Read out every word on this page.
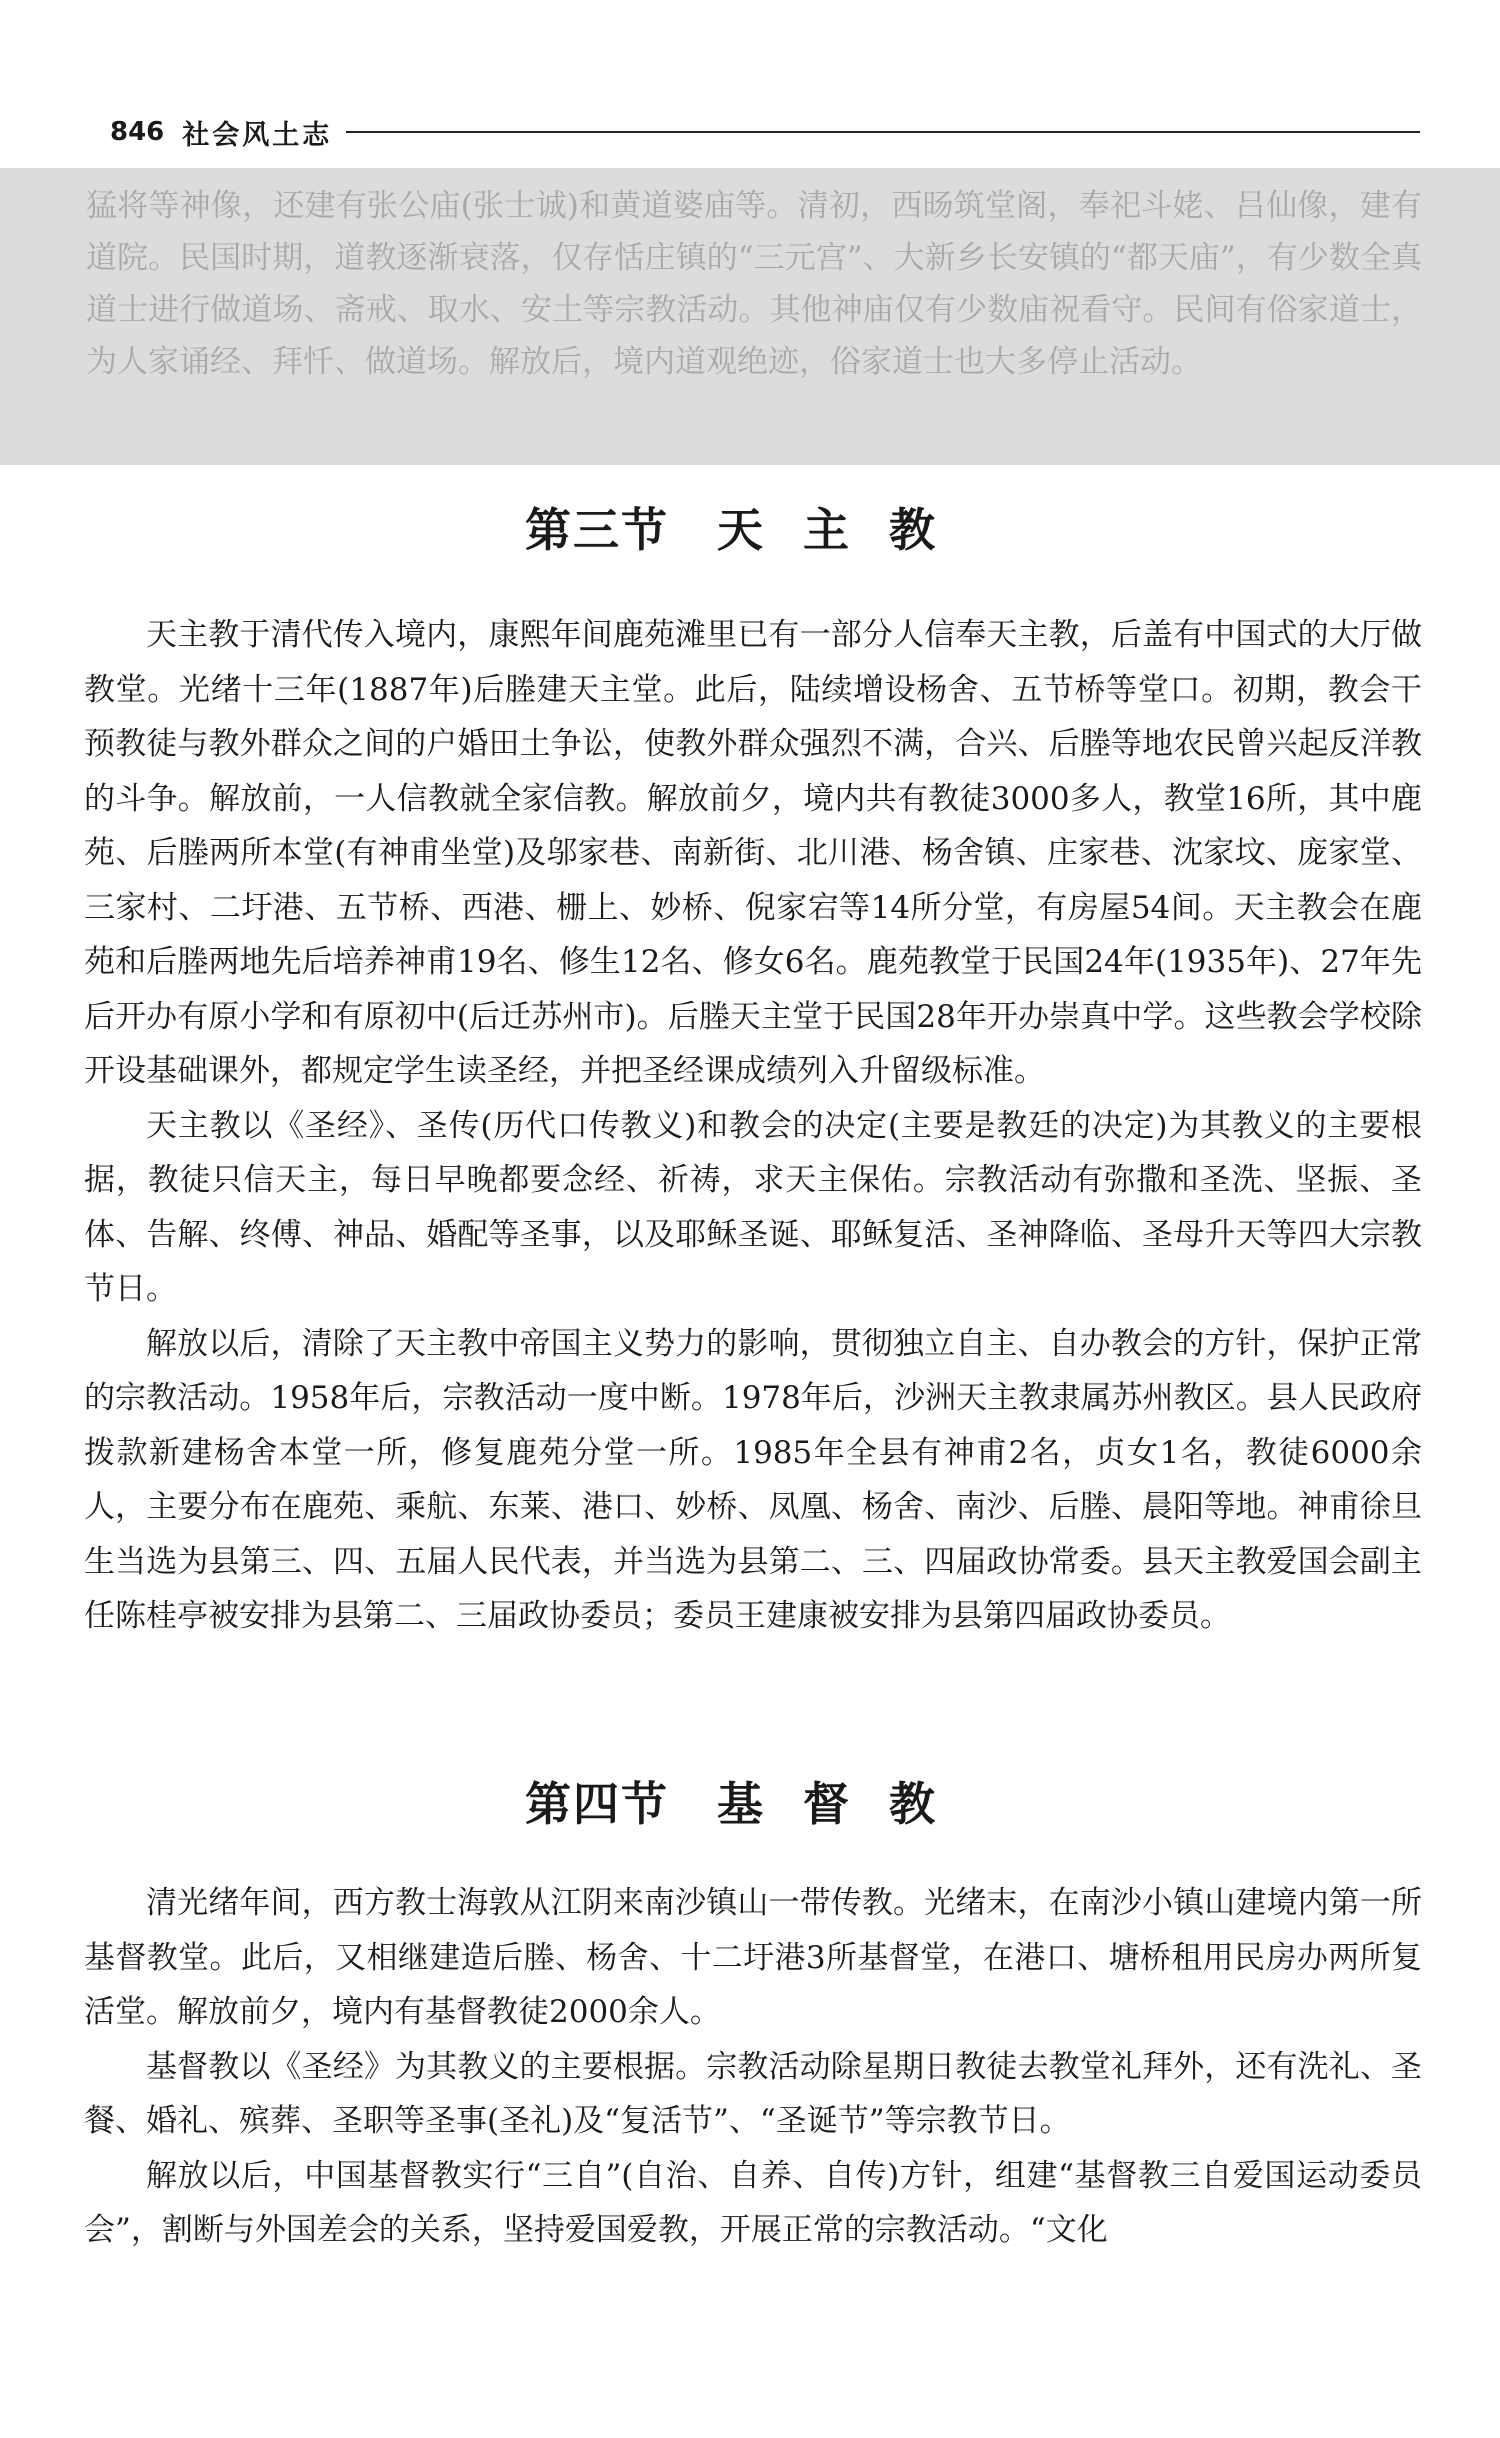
846 社会风土志

猛将等神像，还建有张公庙(张士诚)和黄道婆庙等。清初，西旸筑堂阁，奉祀斗姥、吕仙像，建有道院。民国时期，道教逐渐衰落，仅存恬庄镇的“三元宫”、大新乡长安镇的“都天庙”，有少数全真道士进行做道场、斋戒、取水、安土等宗教活动。其他神庙仅有少数庙祝看守。民间有俗家道士，为人家诵经、拜忏、做道场。解放后，境内道观绝迹，俗家道士也大多停止活动。

第三节 天主教

天主教于清代传入境内，康熙年间鹿苑滩里已有一部分人信奉天主教，后盖有中国式的大厅做教堂。光绪十三年(1887年)后塍建天主堂。此后，陆续增设杨舍、五节桥等堂口。初期，教会干预教徒与教外群众之间的户婚田土争讼，使教外群众强烈不满，合兴、后塍等地农民曾兴起反洋教的斗争。解放前，一人信教就全家信教。解放前夕，境内共有教徒3000多人，教堂16所，其中鹿苑、后塍两所本堂(有神甫坐堂)及邬家巷、南新街、北川港、杨舍镇、庄家巷、沈家坟、庞家堂、三家村、二圩港、五节桥、西港、栅上、妙桥、倪家宕等14所分堂，有房屋54间。天主教会在鹿苑和后塍两地先后培养神甫19名、修生12名、修女6名。鹿苑教堂于民国24年(1935年)、27年先后开办有原小学和有原初中(后迁苏州市)。后塍天主堂于民国28年开办崇真中学。这些教会学校除开设基础课外，都规定学生读圣经，并把圣经课成绩列入升留级标准。

天主教以《圣经》、圣传(历代口传教义)和教会的决定(主要是教廷的决定)为其教义的主要根据，教徒只信天主，每日早晚都要念经、祈祷，求天主保佑。宗教活动有弥撒和圣洗、坚振、圣体、告解、终傅、神品、婚配等圣事，以及耶稣圣诞、耶稣复活、圣神降临、圣母升天等四大宗教节日。

解放以后，清除了天主教中帝国主义势力的影响，贯彻独立自主、自办教会的方针，保护正常的宗教活动。1958年后，宗教活动一度中断。1978年后，沙洲天主教隶属苏州教区。县人民政府拨款新建杨舍本堂一所，修复鹿苑分堂一所。1985年全县有神甫2名，贞女1名，教徒6000余人，主要分布在鹿苑、乘航、东莱、港口、妙桥、凤凰、杨舍、南沙、后塍、晨阳等地。神甫徐旦生当选为县第三、四、五届人民代表，并当选为县第二、三、四届政协常委。县天主教爱国会副主任陈桂亭被安排为县第二、三届政协委员；委员王建康被安排为县第四届政协委员。

第四节 基督教

清光绪年间，西方教士海敦从江阴来南沙镇山一带传教。光绪末，在南沙小镇山建境内第一所基督教堂。此后，又相继建造后塍、杨舍、十二圩港3所基督堂，在港口、塘桥租用民房办两所复活堂。解放前夕，境内有基督教徒2000余人。

基督教以《圣经》为其教义的主要根据。宗教活动除星期日教徒去教堂礼拜外，还有洗礼、圣餐、婚礼、殡葬、圣职等圣事(圣礼)及“复活节”、“圣诞节”等宗教节日。

解放以后，中国基督教实行“三自”(自治、自养、自传)方针，组建“基督教三自爱国运动委员会”，割断与外国差会的关系，坚持爱国爱教，开展正常的宗教活动。“文化
